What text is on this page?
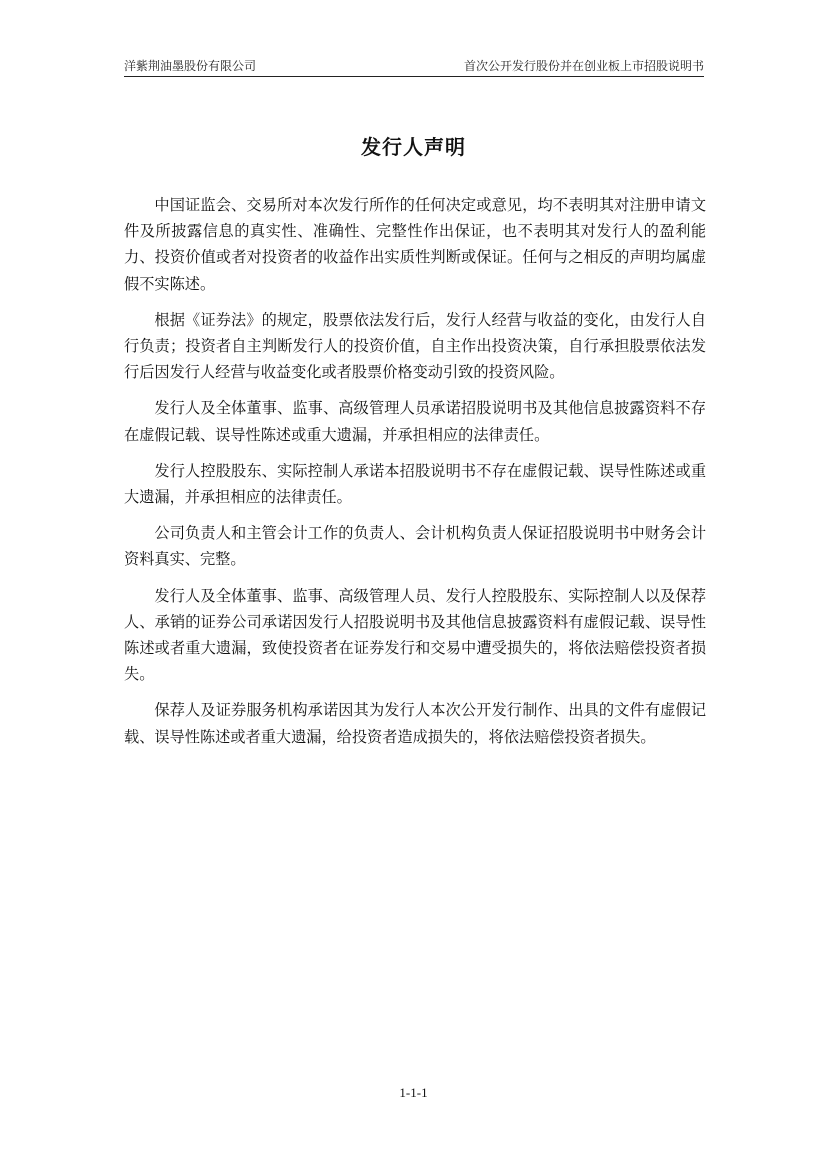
洋紫荆油墨股份有限公司	首次公开发行股份并在创业板上市招股说明书
发行人声明

中国证监会、交易所对本次发行所作的任何决定或意见，均不表明其对注册申请文件及所披露信息的真实性、准确性、完整性作出保证，也不表明其对发行人的盈利能力、投资价值或者对投资者的收益作出实质性判断或保证。任何与之相反的声明均属虚假不实陈述。

根据《证券法》的规定，股票依法发行后，发行人经营与收益的变化，由发行人自行负责；投资者自主判断发行人的投资价值，自主作出投资决策，自行承担股票依法发行后因发行人经营与收益变化或者股票价格变动引致的投资风险。

发行人及全体董事、监事、高级管理人员承诺招股说明书及其他信息披露资料不存在虚假记载、误导性陈述或重大遗漏，并承担相应的法律责任。

发行人控股股东、实际控制人承诺本招股说明书不存在虚假记载、误导性陈述或重大遗漏，并承担相应的法律责任。

公司负责人和主管会计工作的负责人、会计机构负责人保证招股说明书中财务会计资料真实、完整。

发行人及全体董事、监事、高级管理人员、发行人控股股东、实际控制人以及保荐人、承销的证券公司承诺因发行人招股说明书及其他信息披露资料有虚假记载、误导性陈述或者重大遗漏，致使投资者在证券发行和交易中遭受损失的，将依法赔偿投资者损失。

保荐人及证券服务机构承诺因其为发行人本次公开发行制作、出具的文件有虚假记载、误导性陈述或者重大遗漏，给投资者造成损失的，将依法赔偿投资者损失。

1-1-1
